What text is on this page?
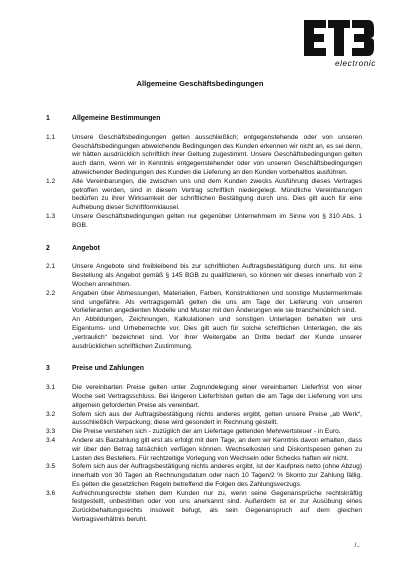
electronic
Allgemeine Geschäftsbedingungen
1	Allgemeine Bestimmungen
1.1	Unsere Geschäftsbedingungen gelten ausschließlich; entgegenstehende oder von unseren Geschäftsbedingungen abweichende Bedingungen des Kunden erkennen wir nicht an, es sei denn, wir hätten ausdrücklich schriftlich ihrer Geltung zugestimmt. Unsere Geschäftsbedingungen gelten auch dann, wenn wir in Kenntnis entgegenstehender oder von unseren Geschäftsbedingungen abweichender Bedingungen des Kunden die Lieferung an den Kunden vorbehaltlos ausführen.
1.2	Alle Vereinbarungen, die zwischen uns und dem Kunden zwecks Ausführung dieses Vertrages getroffen werden, sind in diesem Vertrag schriftlich niedergelegt. Mündliche Vereinbarungen bedürfen zu ihrer Wirksamkeit der schriftlichen Bestätigung durch uns. Dies gilt auch für eine Aufhebung dieser Schriftformklausel.
1.3	Unsere Geschäftsbedingungen gelten nur gegenüber Unternehmern im Sinne von § 310 Abs. 1 BGB.
2	Angebot
2.1	Unsere Angebote sind freibleibend bis zur schriftlichen Auftragsbestätigung durch uns. Ist eine Bestellung als Angebot gemäß § 145 BGB zu qualifizieren, so können wir dieses innerhalb von 2 Wochen annehmen.
2.2	Angaben über Abmessungen, Materialien, Farben, Konstruktionen und sonstige Mustermerkmale sind ungefähre. Als vertragsgemäß gelten die uns am Tage der Lieferung von unseren Vorlieferanten angedienten Modelle und Muster mit den Änderungen wie sie branchenüblich sind.
An Abbildungen, Zeichnungen, Kalkulationen und sonstigen Unterlagen behalten wir uns Eigentums- und Urheberrechte vor. Dies gilt auch für solche schriftlichen Unterlagen, die als „vertraulich“ bezeichnet sind. Vor ihrer Weitergabe an Dritte bedarf der Kunde unserer ausdrücklichen schriftlichen Zustimmung.
3	Preise und Zahlungen
3.1	Die vereinbarten Preise gelten unter Zugrundelegung einer vereinbarten Lieferfrist von einer Woche seit Vertragsschluss. Bei längeren Lieferfristen gelten die am Tage der Lieferung von uns allgemein geforderten Preise als vereinbart.
3.2	Sofern sich aus der Auftragsbestätigung nichts anderes ergibt, gelten unsere Preise „ab Werk“, ausschließlich Verpackung; diese wird gesondert in Rechnung gestellt.
3.3	Die Preise verstehen sich - zuzüglich der am Liefertage geltenden Mehrwertsteuer - in Euro.
3.4	Andere als Barzahlung gilt erst als erfolgt mit dem Tage, an dem wir Kenntnis davon erhalten, dass wir über den Betrag tatsächlich verfügen können. Wechselkosten und Diskontspesen gehen zu Lasten des Bestellers. Für rechtzeitige Vorlegung von Wechseln oder Schecks haften wir nicht.
3.5	Sofern sich aus der Auftragsbestätigung nichts anderes ergibt, ist der Kaufpreis netto (ohne Abzug) innerhalb von 30 Tagen ab Rechnungsdatum oder nach 10 Tagen/2 % Skonto zur Zahlung fällig. Es gelten die gesetzlichen Regeln betreffend die Folgen des Zahlungsverzugs.
3.6	Aufrechnungsrechte stehen dem Kunden nur zu, wenn seine Gegenansprüche rechtskräftig festgestellt, unbestritten oder von uns anerkannt sind. Außerdem ist er zur Ausübung eines Zurückbehaltungsrechts insoweit befugt, als sein Gegenanspruch auf dem gleichen Vertragsverhältnis beruht.
/..
